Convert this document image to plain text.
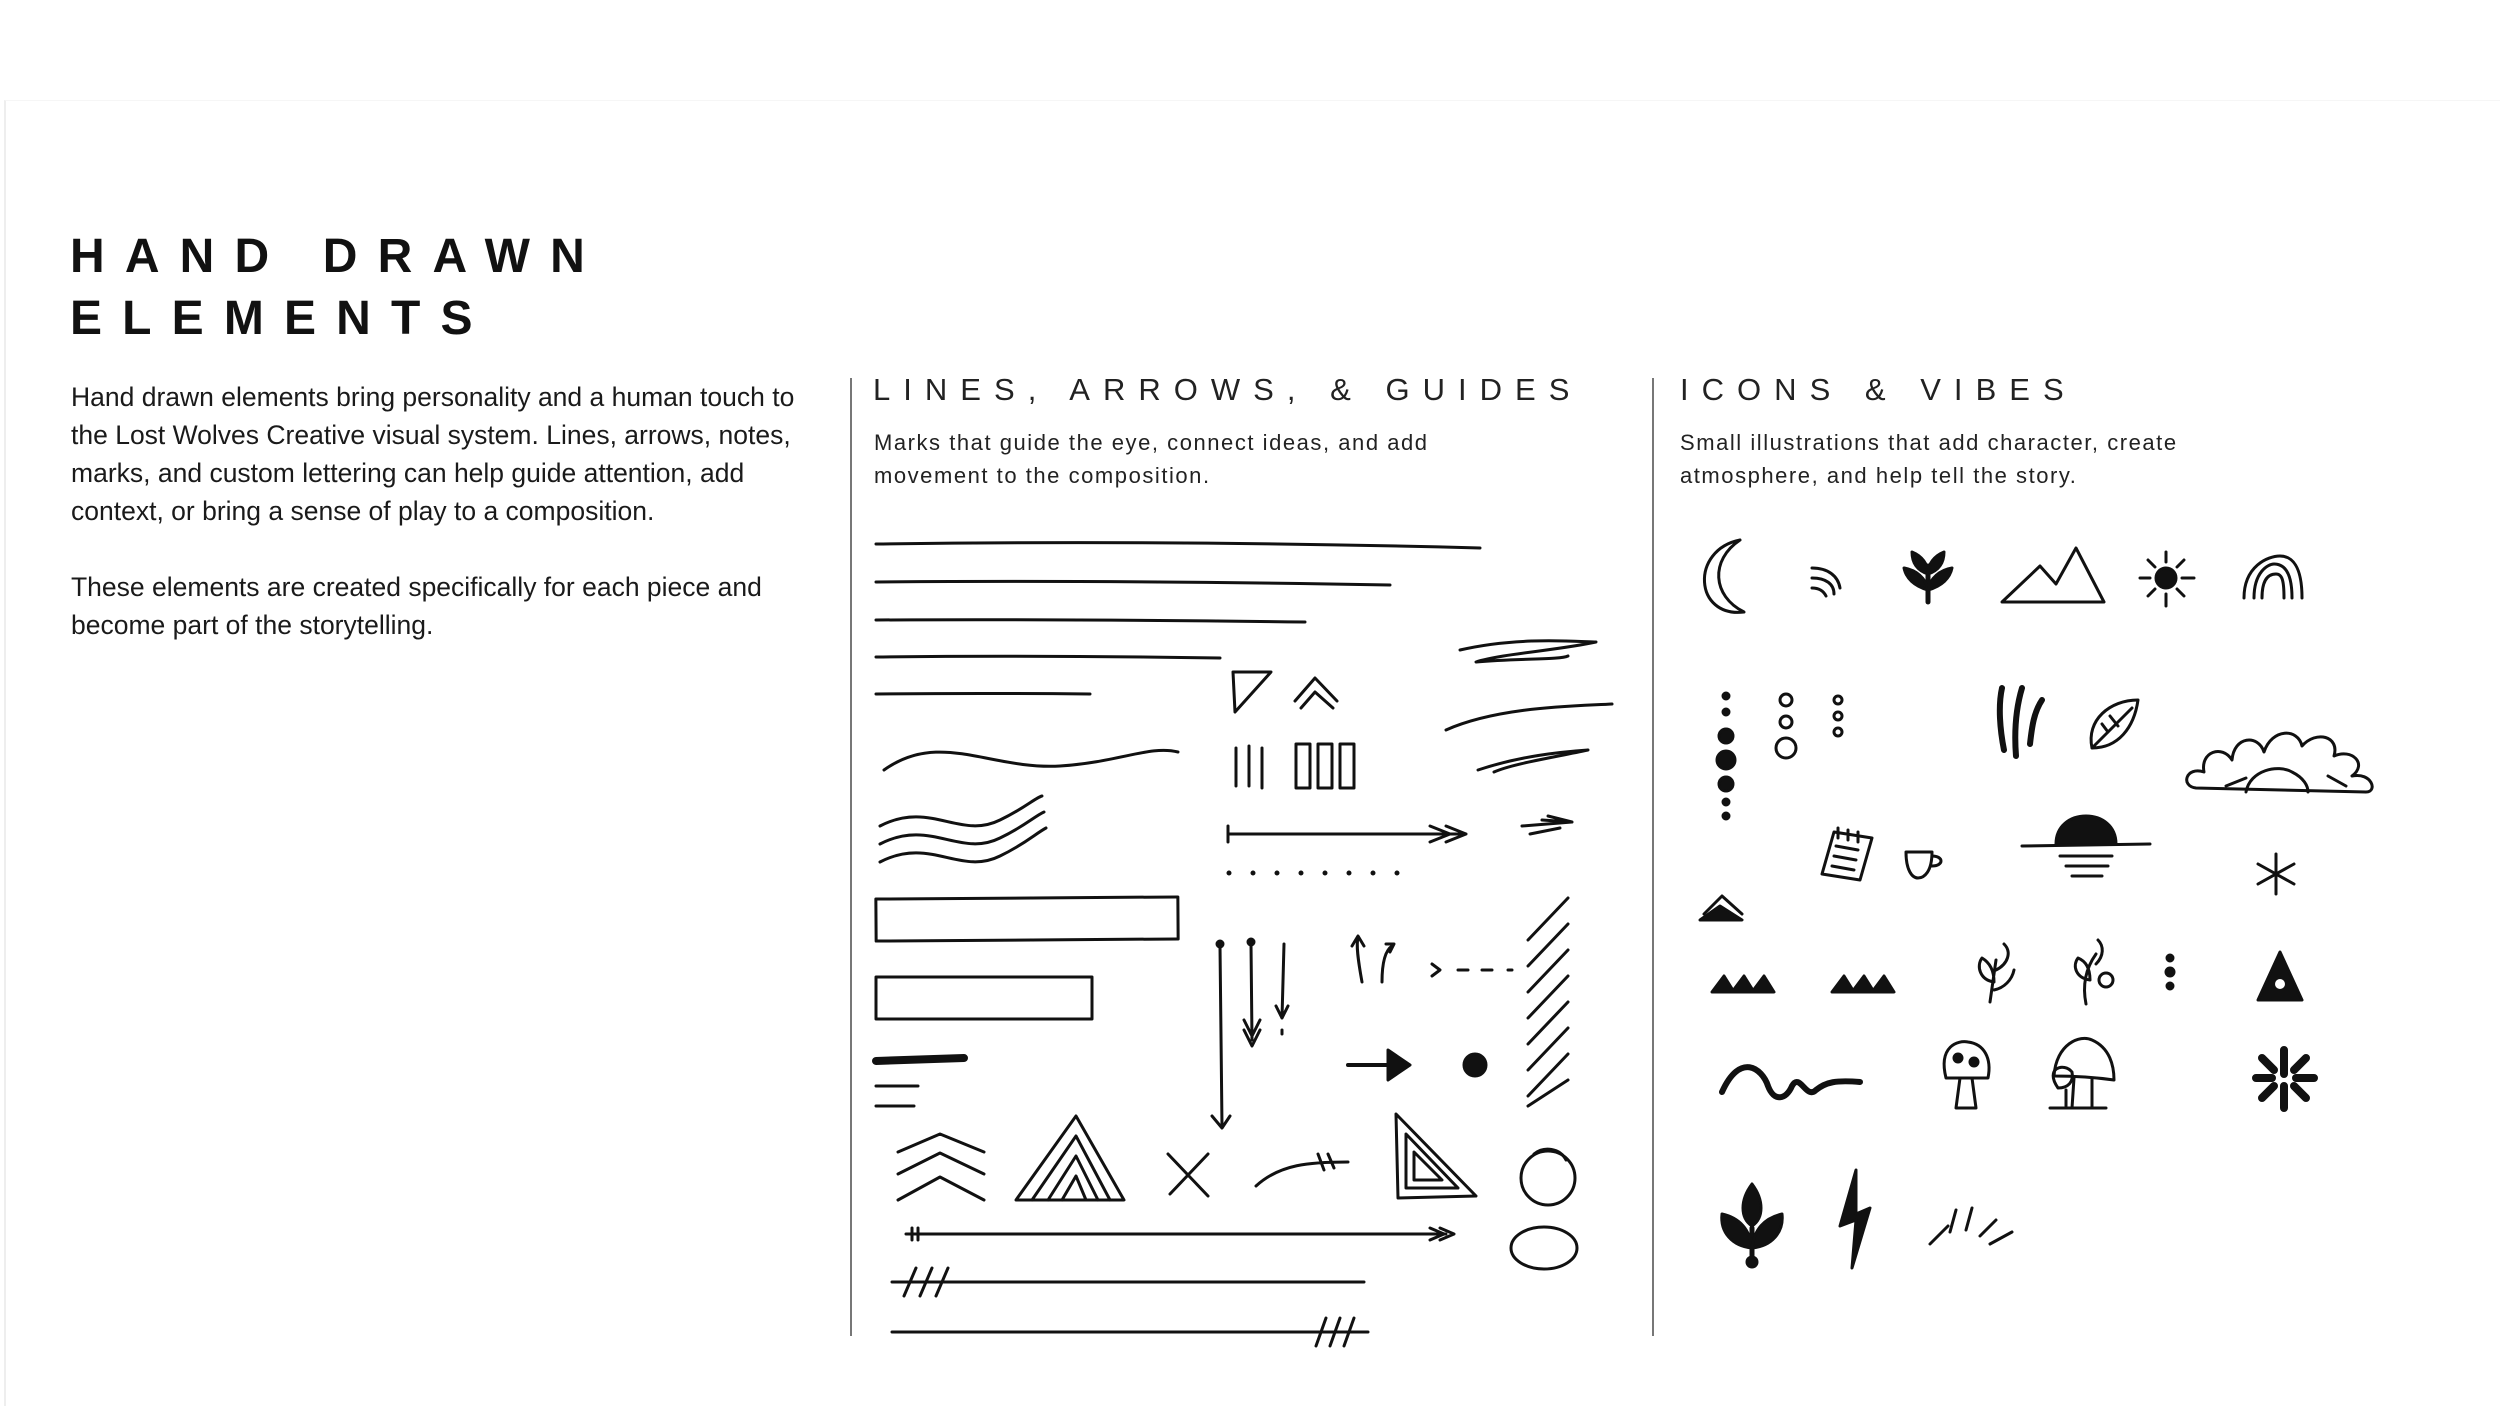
HAND DRAWN
ELEMENTS

Hand drawn elements bring personality and a human touch to the Lost Wolves Creative visual system. Lines, arrows, notes, marks, and custom lettering can help guide attention, add context, or bring a sense of play to a composition.

These elements are created specifically for each piece and become part of the storytelling.

LINES, ARROWS, & GUIDES
Marks that guide the eye, connect ideas, and add movement to the composition.
ICONS & VIBES
Small illustrations that add character, create atmosphere, and help tell the story.
